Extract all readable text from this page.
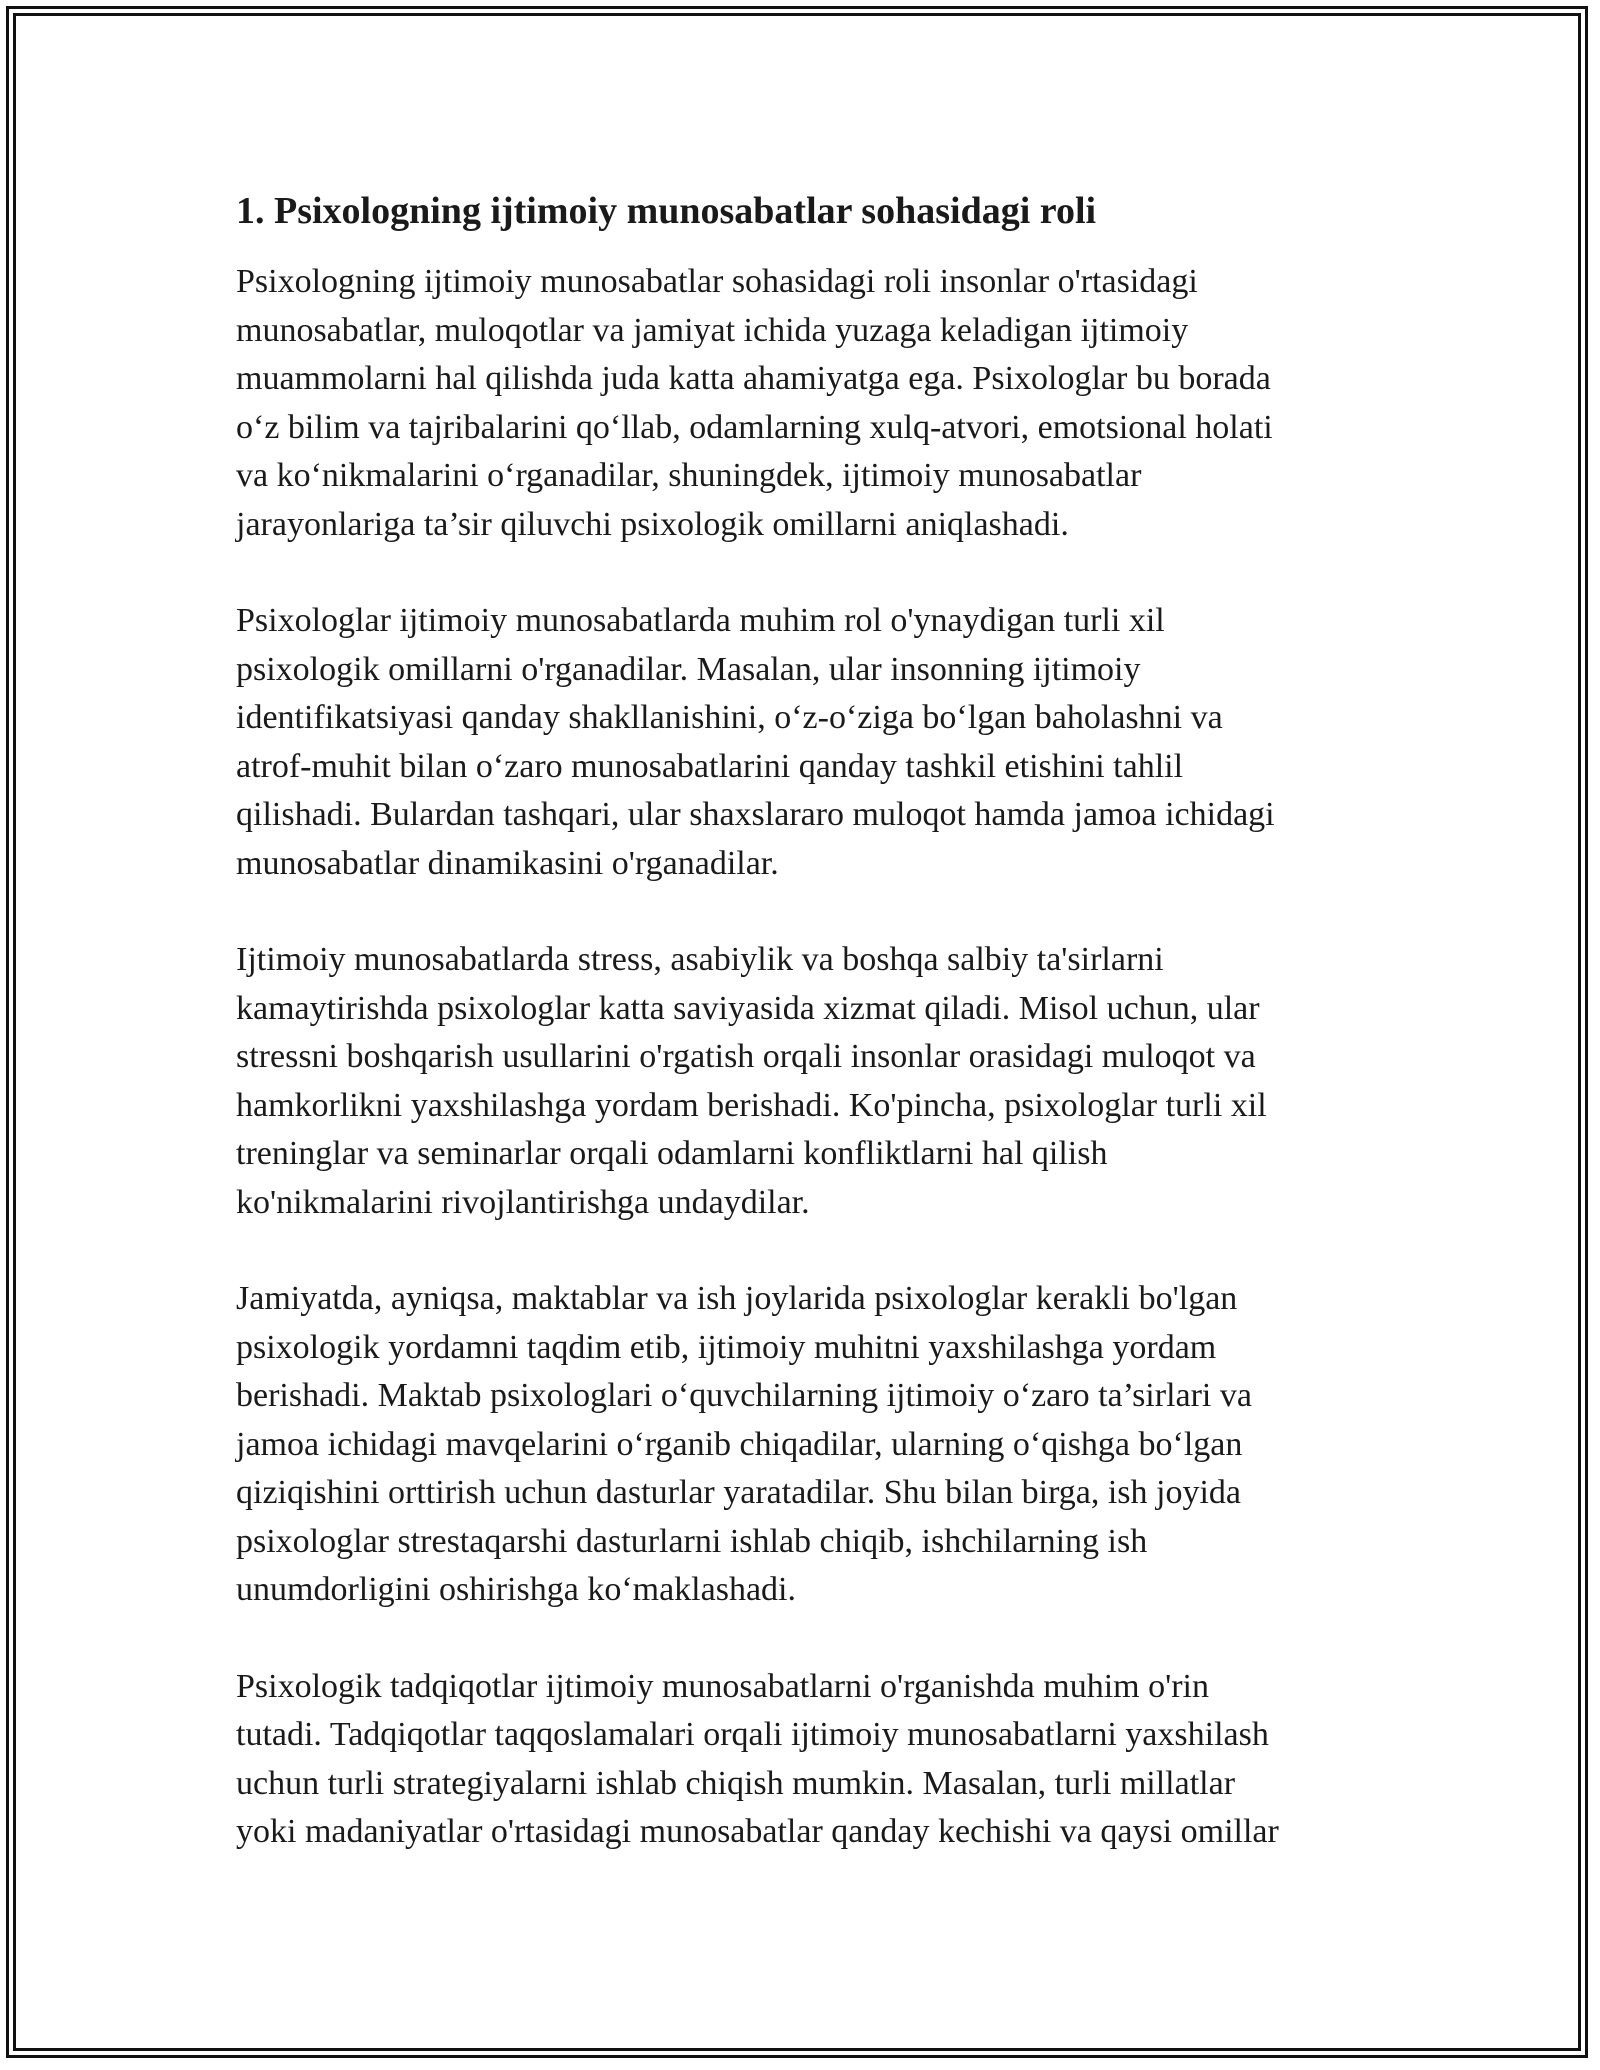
1. Psixologning ijtimoiy munosabatlar sohasidagi roli

Psixologning ijtimoiy munosabatlar sohasidagi roli insonlar o'rtasidagi
munosabatlar, muloqotlar va jamiyat ichida yuzaga keladigan ijtimoiy
muammolarni hal qilishda juda katta ahamiyatga ega. Psixologlar bu borada
o‘z bilim va tajribalarini qo‘llab, odamlarning xulq-atvori, emotsional holati
va ko‘nikmalarini o‘rganadilar, shuningdek, ijtimoiy munosabatlar
jarayonlariga ta’sir qiluvchi psixologik omillarni aniqlashadi.

Psixologlar ijtimoiy munosabatlarda muhim rol o'ynaydigan turli xil
psixologik omillarni o'rganadilar. Masalan, ular insonning ijtimoiy
identifikatsiyasi qanday shakllanishini, o‘z-o‘ziga bo‘lgan baholashni va
atrof-muhit bilan o‘zaro munosabatlarini qanday tashkil etishini tahlil
qilishadi. Bulardan tashqari, ular shaxslararo muloqot hamda jamoa ichidagi
munosabatlar dinamikasini o'rganadilar.

Ijtimoiy munosabatlarda stress, asabiylik va boshqa salbiy ta'sirlarni
kamaytirishda psixologlar katta saviyasida xizmat qiladi. Misol uchun, ular
stressni boshqarish usullarini o'rgatish orqali insonlar orasidagi muloqot va
hamkorlikni yaxshilashga yordam berishadi. Ko'pincha, psixologlar turli xil
treninglar va seminarlar orqali odamlarni konfliktlarni hal qilish
ko'nikmalarini rivojlantirishga undaydilar.

Jamiyatda, ayniqsa, maktablar va ish joylarida psixologlar kerakli bo'lgan
psixologik yordamni taqdim etib, ijtimoiy muhitni yaxshilashga yordam
berishadi. Maktab psixologlari o‘quvchilarning ijtimoiy o‘zaro ta’sirlari va
jamoa ichidagi mavqelarini o‘rganib chiqadilar, ularning o‘qishga bo‘lgan
qiziqishini orttirish uchun dasturlar yaratadilar. Shu bilan birga, ish joyida
psixologlar strestaqarshi dasturlarni ishlab chiqib, ishchilarning ish
unumdorligini oshirishga ko‘maklashadi.

Psixologik tadqiqotlar ijtimoiy munosabatlarni o'rganishda muhim o'rin
tutadi. Tadqiqotlar taqqoslamalari orqali ijtimoiy munosabatlarni yaxshilash
uchun turli strategiyalarni ishlab chiqish mumkin. Masalan, turli millatlar
yoki madaniyatlar o'rtasidagi munosabatlar qanday kechishi va qaysi omillar
